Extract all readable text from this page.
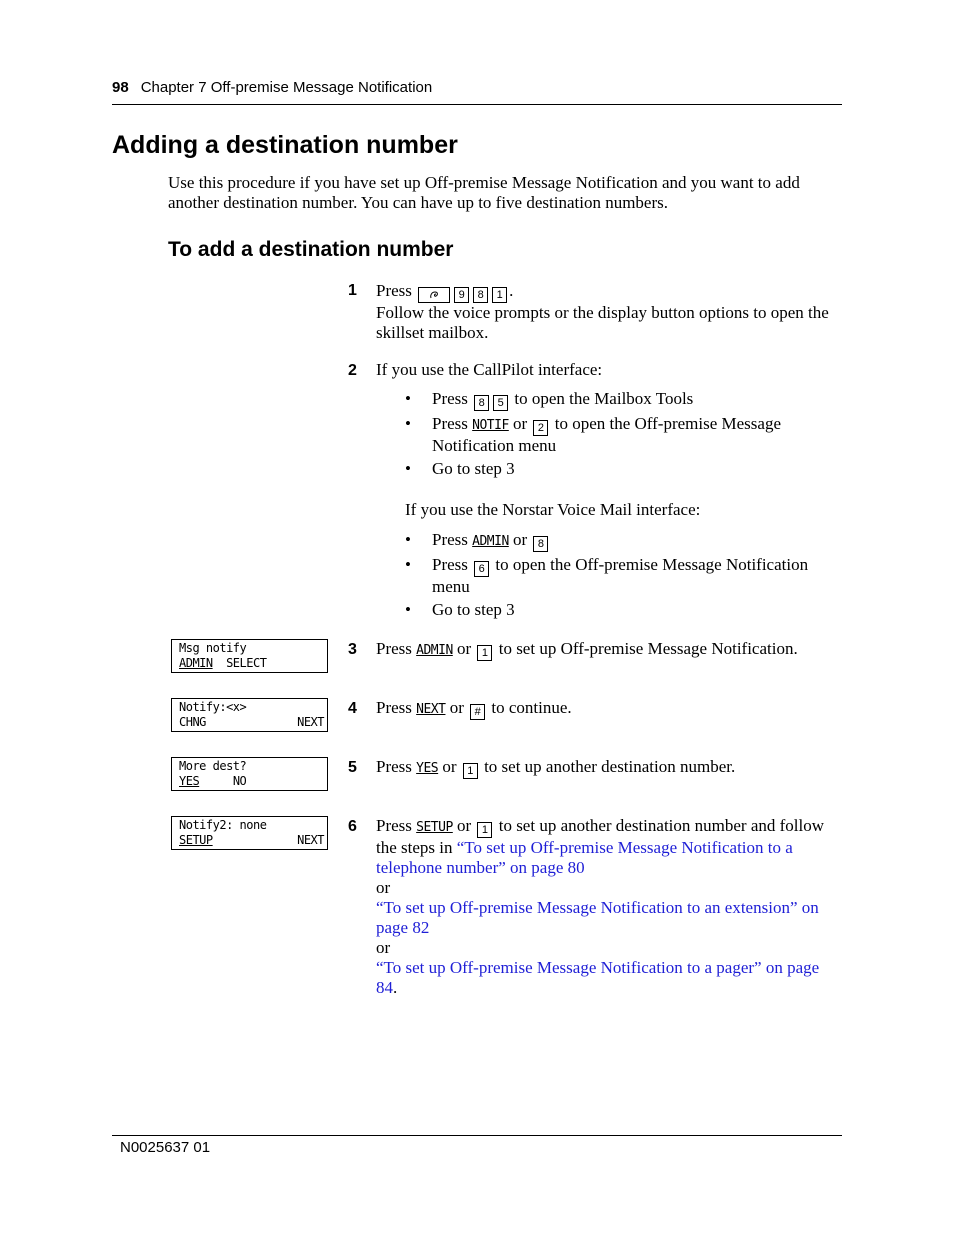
98 Chapter 7 Off-premise Message Notification
Adding a destination number
Use this procedure if you have set up Off-premise Message Notification and you want to add another destination number. You can have up to five destination numbers.
To add a destination number
1 Press	9 8 1 .
Follow the voice prompts or the display button options to open the skillset mailbox.
2 If you use the CallPilot interface:
• Press 8 5 to open the Mailbox Tools
• Press NOTIF or 2 to open the Off-premise Message Notification menu
• Go to step 3
If you use the Norstar Voice Mail interface:
• Press ADMIN or 8
• Press 6 to open the Off-premise Message Notification menu
• Go to step 3
Msg notify
ADMIN SELECT
3 Press ADMIN or 1 to set up Off-premise Message Notification.
Notify:<x>
CHNG	NEXT
4 Press NEXT or # to continue.
More dest?
YES	NO
5 Press YES or 1 to set up another destination number.
Notify2: none
SETUP	NEXT
6 Press SETUP or 1 to set up another destination number and follow the steps in “To set up Off-premise Message Notification to a telephone number” on page 80
or
“To set up Off-premise Message Notification to an extension” on page 82
or
“To set up Off-premise Message Notification to a pager” on page 84.
N0025637 01
